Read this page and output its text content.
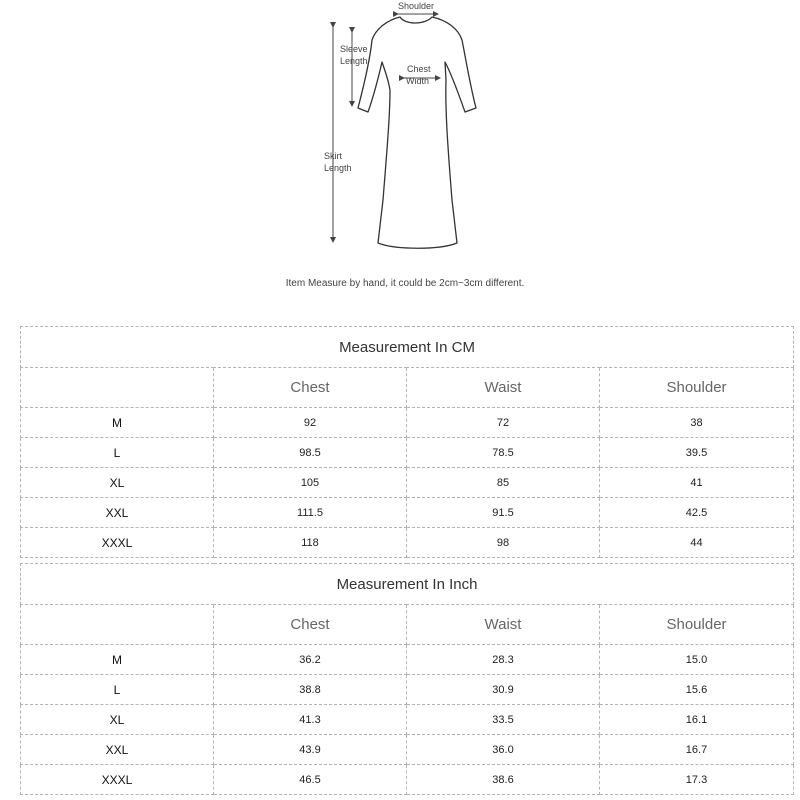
Shoulder
Sleeve
Length
Chest
Width
Skirt
Length
Item Measure by hand, it could be 2cm~3cm different.
Measurement In CM			
	Chest	Waist	Shoulder
M	92	72	38
L	98.5	78.5	39.5
XL	105	85	41
XXL	111.5	91.5	42.5
XXXL	118	98	44
Measurement In Inch			
	Chest	Waist	Shoulder
M	36.2	28.3	15.0
L	38.8	30.9	15.6
XL	41.3	33.5	16.1
XXL	43.9	36.0	16.7
XXXL	46.5	38.6	17.3
